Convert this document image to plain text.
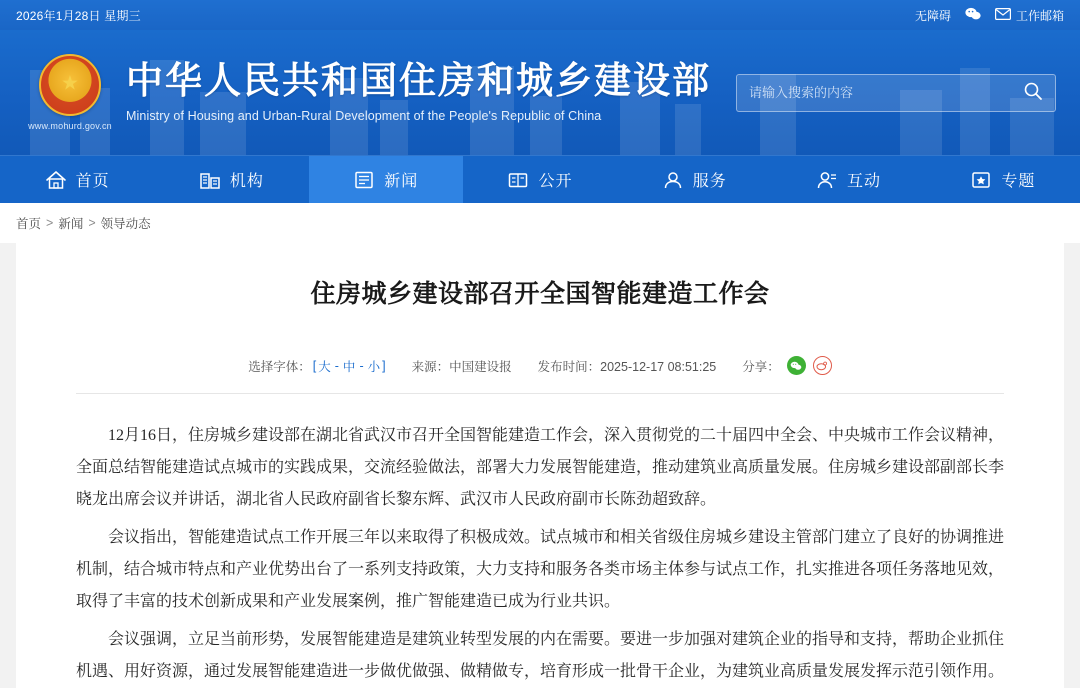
2026年1月28日 星期三	无障碍	工作邮箱
★
www.mohurd.gov.cn
中华人民共和国住房和城乡建设部
Ministry of Housing and Urban-Rural Development of the People's Republic of China
请输入搜索的内容
首页	机构	新闻	公开	服务	互动	专题
首页 > 新闻 > 领导动态
住房城乡建设部召开全国智能建造工作会
选择字体： [ 大 - 中 - 小 ] 来源：中国建设报 发布时间：2025-12-17 08:51:25 分享：

12月16日，住房城乡建设部在湖北省武汉市召开全国智能建造工作会，深入贯彻党的二十届四中全会、中央城市工作会议精神，全面总结智能建造试点城市的实践成果，交流经验做法，部署大力发展智能建造，推动建筑业高质量发展。住房城乡建设部副部长李晓龙出席会议并讲话，湖北省人民政府副省长黎东辉、武汉市人民政府副市长陈劲超致辞。

会议指出，智能建造试点工作开展三年以来取得了积极成效。试点城市和相关省级住房城乡建设主管部门建立了良好的协调推进机制，结合城市特点和产业优势出台了一系列支持政策，大力支持和服务各类市场主体参与试点工作，扎实推进各项任务落地见效，取得了丰富的技术创新成果和产业发展案例，推广智能建造已成为行业共识。

会议强调，立足当前形势，发展智能建造是建筑业转型发展的内在需要。要进一步加强对建筑企业的指导和支持，帮助企业抓住机遇、用好资源，通过发展智能建造进一步做优做强、做精做专，培育形成一批骨干企业，为建筑业高质量发展发挥示范引领作用。
